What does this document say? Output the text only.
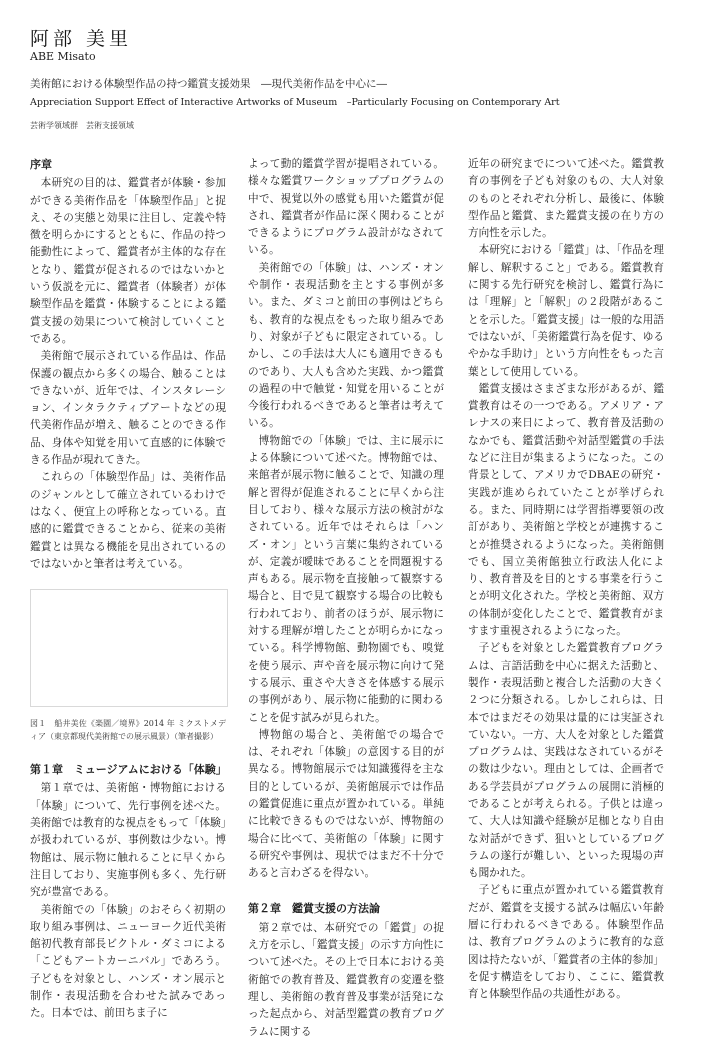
阿部 美里
ABE Misato
美術館における体験型作品の持つ鑑賞支援効果　―現代美術作品を中心に―
Appreciation Support Effect of Interactive Artworks of Museum　–Particularly Focusing on Contemporary Art
芸術学領域群　芸術支援領域
序章

本研究の目的は、鑑賞者が体験・参加ができる美術作品を「体験型作品」と捉え、その実態と効果に注目し、定義や特徴を明らかにするとともに、作品の持つ能動性によって、鑑賞者が主体的な存在となり、鑑賞が促されるのではないかという仮説を元に、鑑賞者（体験者）が体験型作品を鑑賞・体験することによる鑑賞支援の効果について検討していくことである。

美術館で展示されている作品は、作品保護の観点から多くの場合、触ることはできないが、近年では、インスタレーション、インタラクティブアートなどの現代美術作品が増え、触ることのできる作品、身体や知覚を用いて直感的に体験できる作品が現れてきた。

これらの「体験型作品」は、美術作品のジャンルとして確立されているわけではなく、便宜上の呼称となっている。直感的に鑑賞できることから、従来の美術鑑賞とは異なる機能を見出されているのではないかと筆者は考えている。

図１　船井美佐《楽園／境界》2014 年 ミクストメディア（東京都現代美術館での展示風景）（筆者撮影）
第１章　ミュージアムにおける「体験」

第１章では、美術館・博物館における「体験」について、先行事例を述べた。美術館では教育的な視点をもって「体験」が扱われているが、事例数は少ない。博物館は、展示物に触れることに早くから注目しており、実施事例も多く、先行研究が豊富である。

美術館での「体験」のおそらく初期の取り組み事例は、ニューヨーク近代美術館初代教育部長ビクトル・ダミコによる「こどもアートカーニバル」であろう。子どもを対象とし、ハンズ・オン展示と制作・表現活動を合わせた試みであった。日本では、前田ちま子に

よって動的鑑賞学習が提唱されている。様々な鑑賞ワークショッププログラムの中で、視覚以外の感覚も用いた鑑賞が促され、鑑賞者が作品に深く関わることができるようにプログラム設計がなされている。

美術館での「体験」は、ハンズ・オンや制作・表現活動を主とする事例が多い。また、ダミコと前田の事例はどちらも、教育的な視点をもった取り組みであり、対象が子どもに限定されている。しかし、この手法は大人にも適用できるものであり、大人も含めた実践、かつ鑑賞の過程の中で触覚・知覚を用いることが今後行われるべきであると筆者は考えている。

博物館での「体験」では、主に展示による体験について述べた。博物館では、来館者が展示物に触ることで、知識の理解と習得が促進されることに早くから注目しており、様々な展示方法の検討がなされている。近年ではそれらは「ハンズ・オン」という言葉に集約されているが、定義が曖昧であることを問題視する声もある。展示物を直接触って観察する場合と、目で見て観察する場合の比較も行われており、前者のほうが、展示物に対する理解が増したことが明らかになっている。科学博物館、動物園でも、嗅覚を使う展示、声や音を展示物に向けて発する展示、重さや大きさを体感する展示の事例があり、展示物に能動的に関わることを促す試みが見られた。

博物館の場合と、美術館での場合では、それぞれ「体験」の意図する目的が異なる。博物館展示では知識獲得を主な目的としているが、美術館展示では作品の鑑賞促進に重点が置かれている。単純に比較できるものではないが、博物館の場合に比べて、美術館の「体験」に関する研究や事例は、現状ではまだ不十分であると言わざるを得ない。

第２章　鑑賞支援の方法論

第２章では、本研究での「鑑賞」の捉え方を示し、「鑑賞支援」の示す方向性について述べた。その上で日本における美術館での教育普及、鑑賞教育の変遷を整理し、美術館の教育普及事業が活発になった起点から、対話型鑑賞の教育プログラムに関する

近年の研究までについて述べた。鑑賞教育の事例を子ども対象のもの、大人対象のものとそれぞれ分析し、最後に、体験型作品と鑑賞、また鑑賞支援の在り方の方向性を示した。

本研究における「鑑賞」は、「作品を理解し、解釈すること」である。鑑賞教育に関する先行研究を検討し、鑑賞行為には「理解」と「解釈」の２段階があることを示した。「鑑賞支援」は一般的な用語ではないが、「美術鑑賞行為を促す、ゆるやかな手助け」という方向性をもった言葉として使用している。

鑑賞支援はさまざまな形があるが、鑑賞教育はその一つである。アメリア・アレナスの来日によって、教育普及活動のなかでも、鑑賞活動や対話型鑑賞の手法などに注目が集まるようになった。この背景として、アメリカでDBAEの研究・実践が進められていたことが挙げられる。また、同時期には学習指導要領の改訂があり、美術館と学校とが連携することが推奨されるようになった。美術館側でも、国立美術館独立行政法人化により、教育普及を目的とする事業を行うことが明文化された。学校と美術館、双方の体制が変化したことで、鑑賞教育がますます重視されるようになった。

子どもを対象とした鑑賞教育プログラムは、言語活動を中心に据えた活動と、製作・表現活動と複合した活動の大きく２つに分類される。しかしこれらは、日本ではまだその効果は量的には実証されていない。一方、大人を対象とした鑑賞プログラムは、実践はなされているがその数は少ない。理由としては、企画者である学芸員がプログラムの展開に消極的であることが考えられる。子供とは違って、大人は知識や経験が足枷となり自由な対話ができず、狙いとしているプログラムの遂行が難しい、といった現場の声も聞かれた。

子どもに重点が置かれている鑑賞教育だが、鑑賞を支援する試みは幅広い年齢層に行われるべきである。体験型作品は、教育プログラムのように教育的な意図は持たないが、「鑑賞者の主体的参加」を促す構造をしており、ここに、鑑賞教育と体験型作品の共通性がある。
